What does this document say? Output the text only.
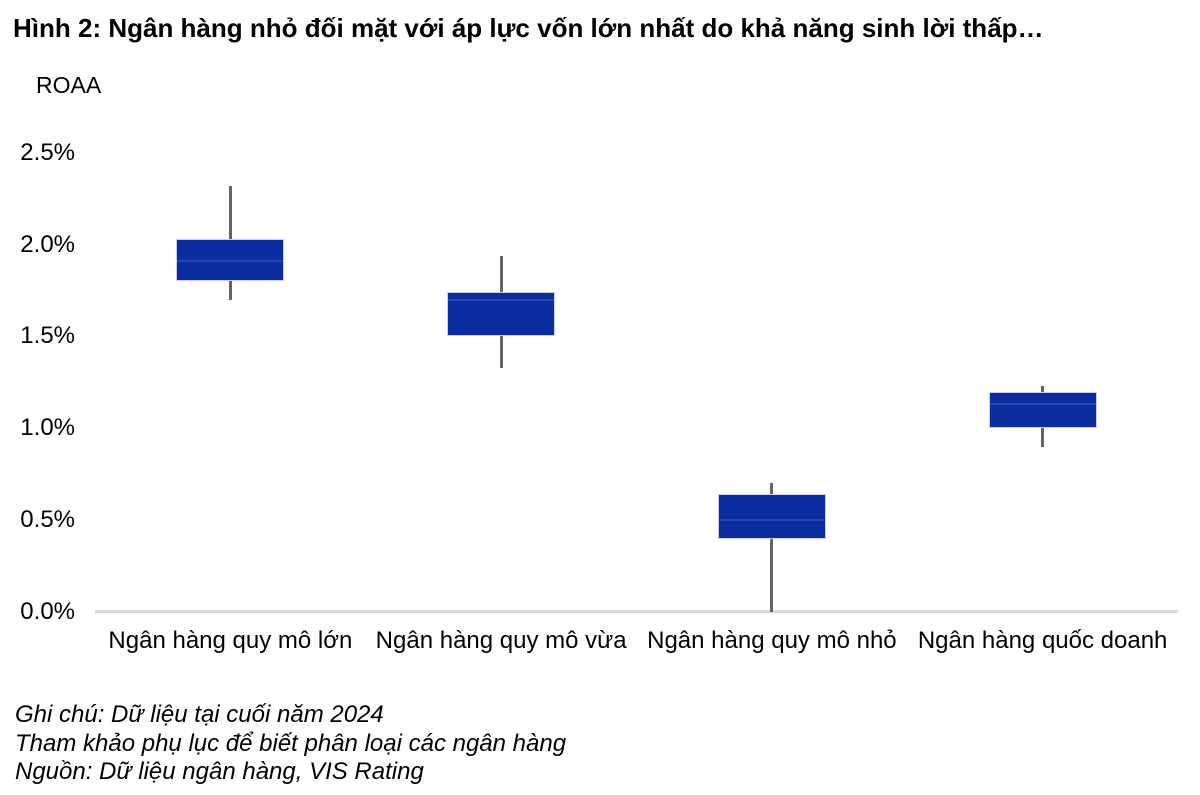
Hình 2: Ngân hàng nhỏ đối mặt với áp lực vốn lớn nhất do khả năng sinh lời thấp…
ROAA
Ghi chú: Dữ liệu tại cuối năm 2024
Tham khảo phụ lục để biết phân loại các ngân hàng
Nguồn: Dữ liệu ngân hàng, VIS Rating
0.0%
0.5%
1.0%
1.5%
2.0%
2.5%
Ngân hàng quy mô lớn Ngân hàng quy mô vừa Ngân hàng quy mô nhỏ Ngân hàng quốc doanh
